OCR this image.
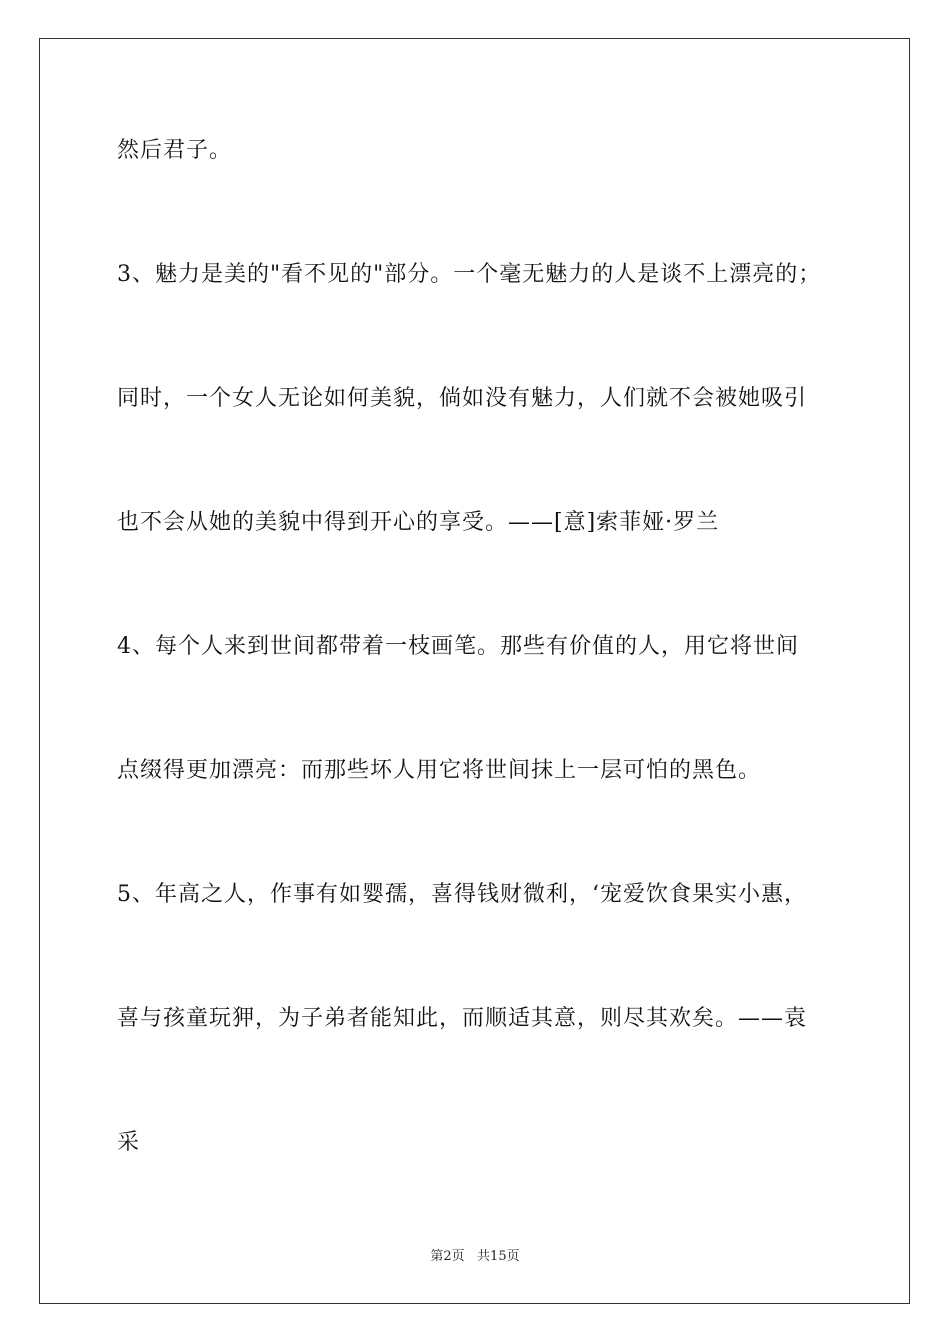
然后君子。
3、魅力是美的"看不见的"部分。一个毫无魅力的人是谈不上漂亮的；
同时，一个女人无论如何美貌，倘如没有魅力，人们就不会被她吸引
也不会从她的美貌中得到开心的享受。——[意]索菲娅·罗兰
4、每个人来到世间都带着一枝画笔。那些有价值的人，用它将世间
点缀得更加漂亮：而那些坏人用它将世间抹上一层可怕的黑色。
5、年高之人，作事有如婴孺，喜得钱财微利，‘宠爱饮食果实小惠，
喜与孩童玩狎，为子弟者能知此，而顺适其意，则尽其欢矣。——袁
采
第2页   共15页
